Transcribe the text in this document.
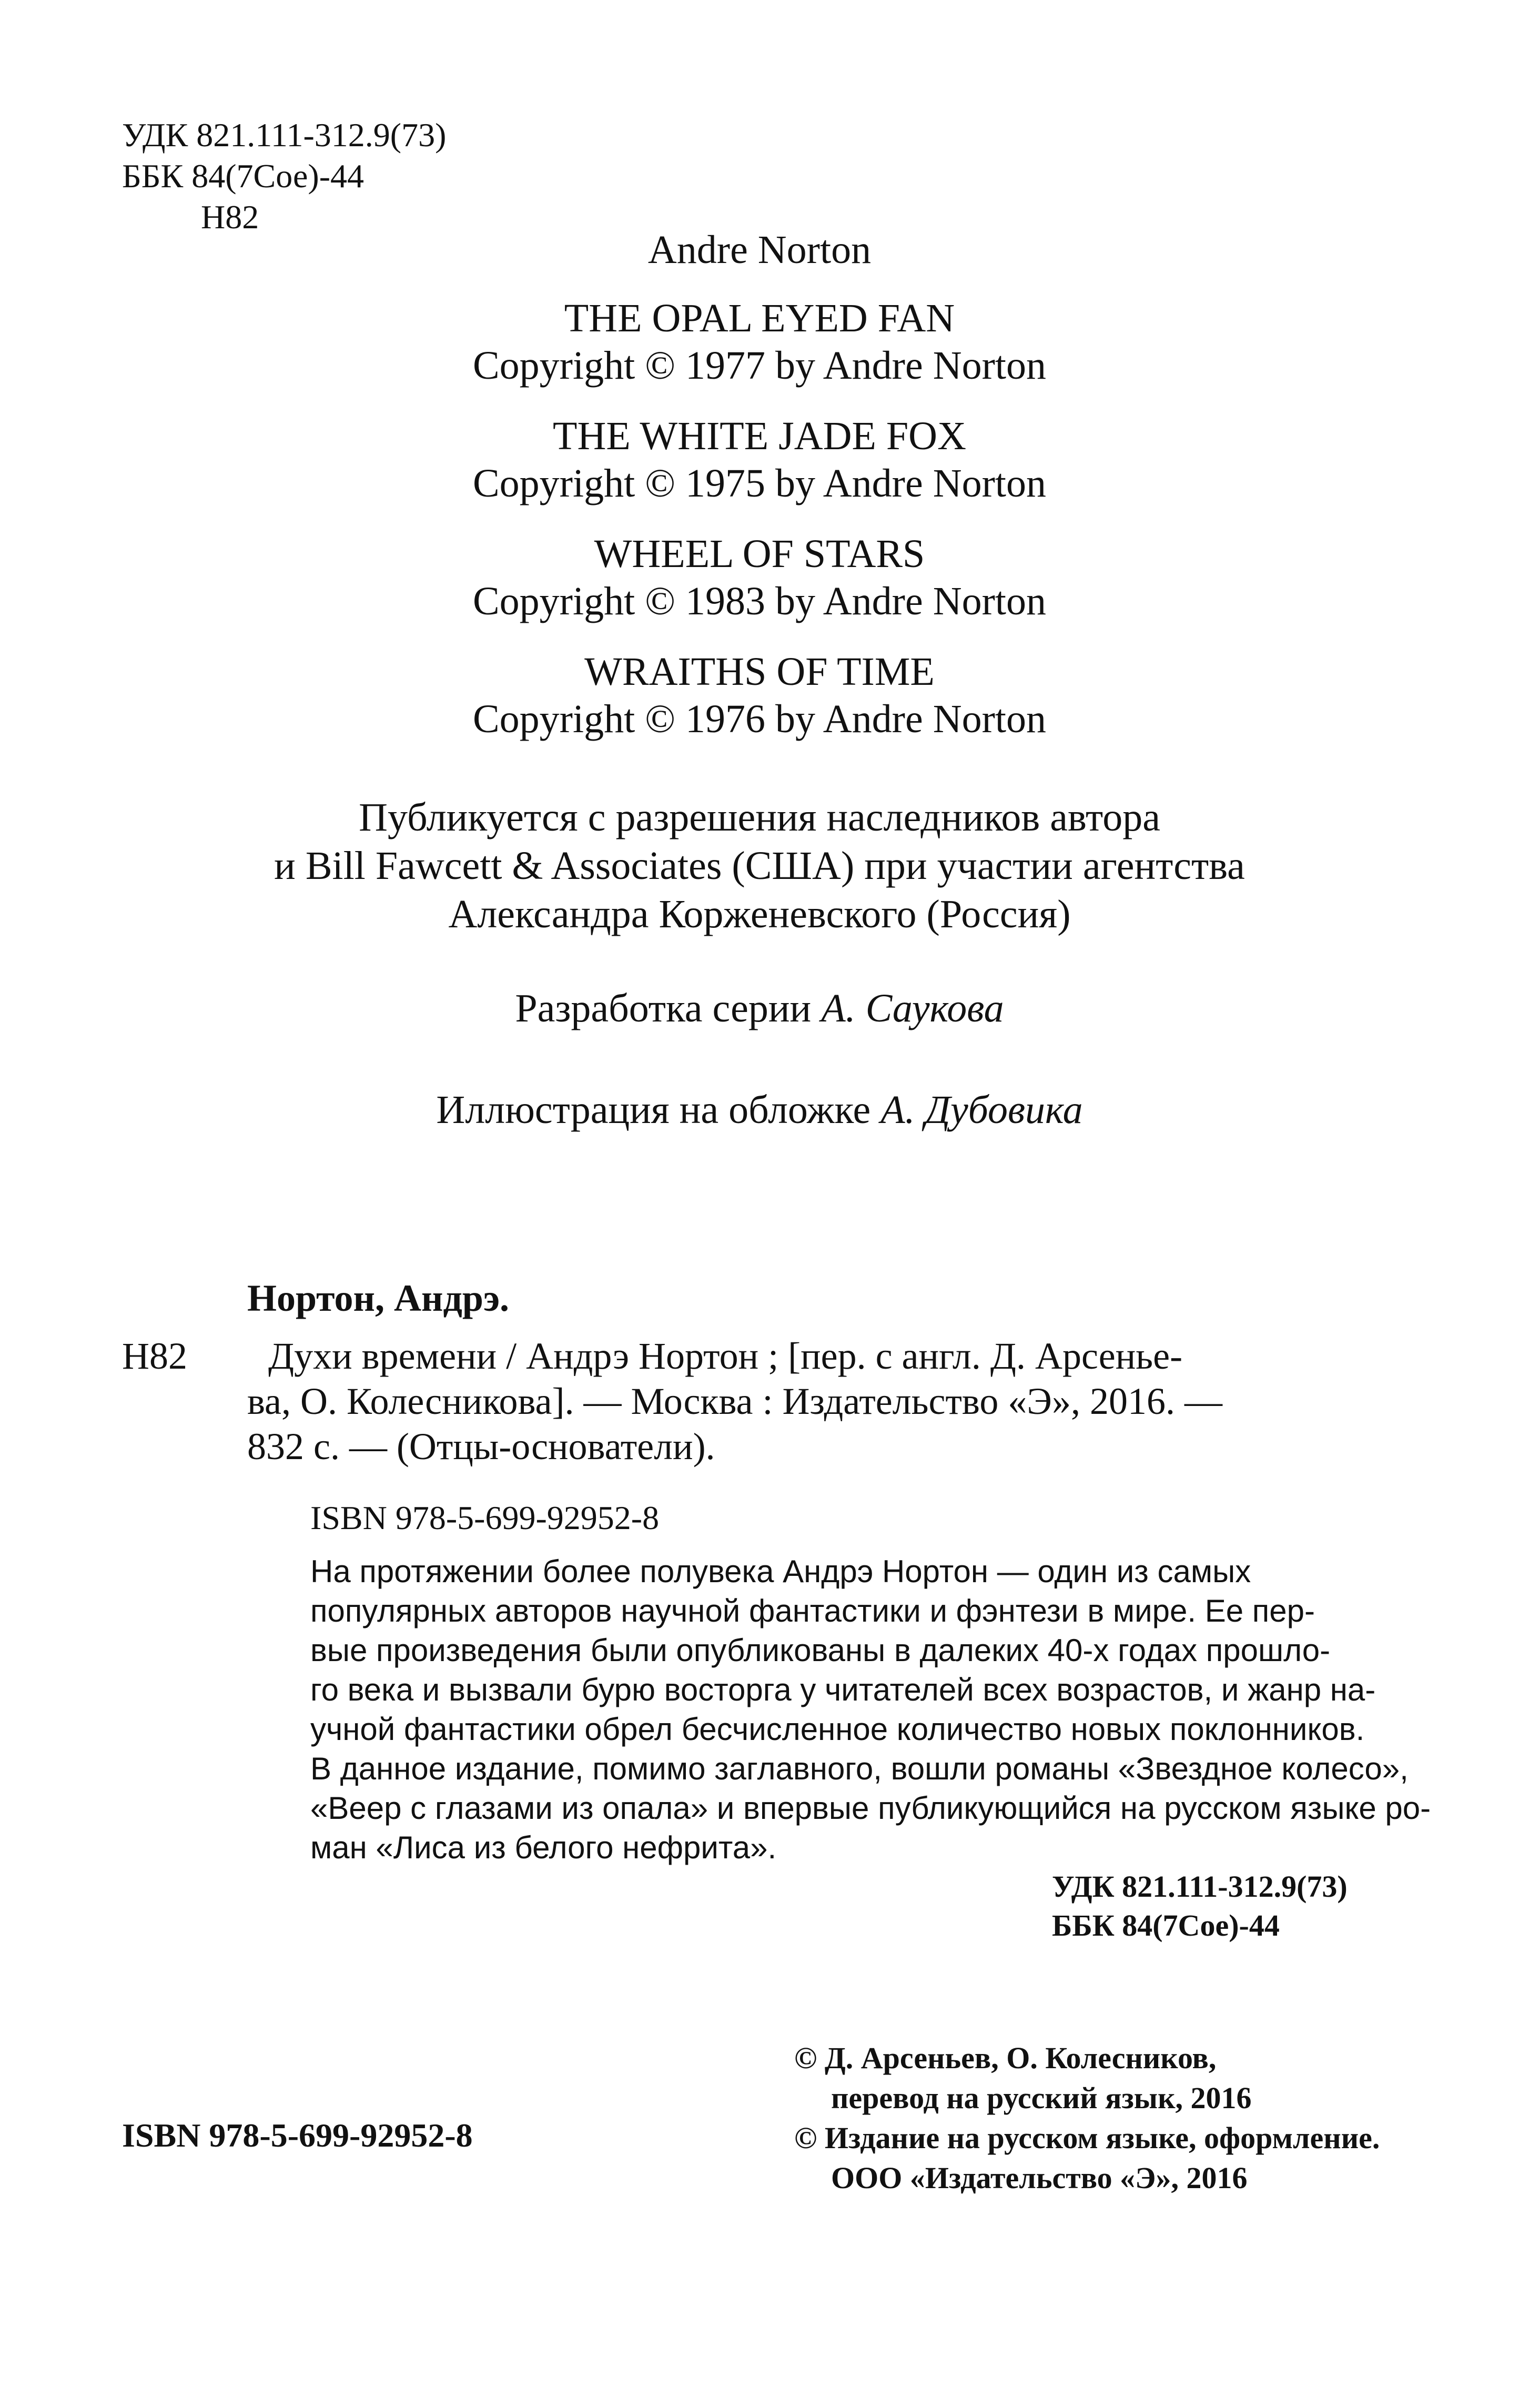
УДК 821.111-312.9(73)
ББК 84(7Сое)-44
Н82
Andre Norton
THE OPAL EYED FAN
Copyright © 1977 by Andre Norton
THE WHITE JADE FOX
Copyright © 1975 by Andre Norton
WHEEL OF STARS
Copyright © 1983 by Andre Norton
WRAITHS OF TIME
Copyright © 1976 by Andre Norton
Публикуется с разрешения наследников автора
и Bill Fawcett & Associates (США) при участии агентства
Александра Корженевского (Россия)
Разработка серии А. Саукова
Иллюстрация на обложке А. Дубовика
Нортон, Андрэ.
Н82 Духи времени / Андрэ Нортон ; [пер. с англ. Д. Арсенье-
ва, О. Колесникова]. — Москва : Издательство «Э», 2016. —
832 с. — (Отцы-основатели).
ISBN 978-5-699-92952-8
На протяжении более полувека Андрэ Нортон — один из самых
популярных авторов научной фантастики и фэнтези в мире. Ее пер-
вые произведения были опубликованы в далеких 40-х годах прошло-
го века и вызвали бурю восторга у читателей всех возрастов, и жанр на-
учной фантастики обрел бесчисленное количество новых поклонников.
В данное издание, помимо заглавного, вошли романы «Звездное колесо»,
«Веер с глазами из опала» и впервые публикующийся на русском языке ро-
ман «Лиса из белого нефрита».
УДК 821.111-312.9(73)
ББК 84(7Сое)-44
© Д. Арсеньев, О. Колесников,
перевод на русский язык, 2016
© Издание на русском языке, оформление.
ООО «Издательство «Э», 2016
ISBN 978-5-699-92952-8
